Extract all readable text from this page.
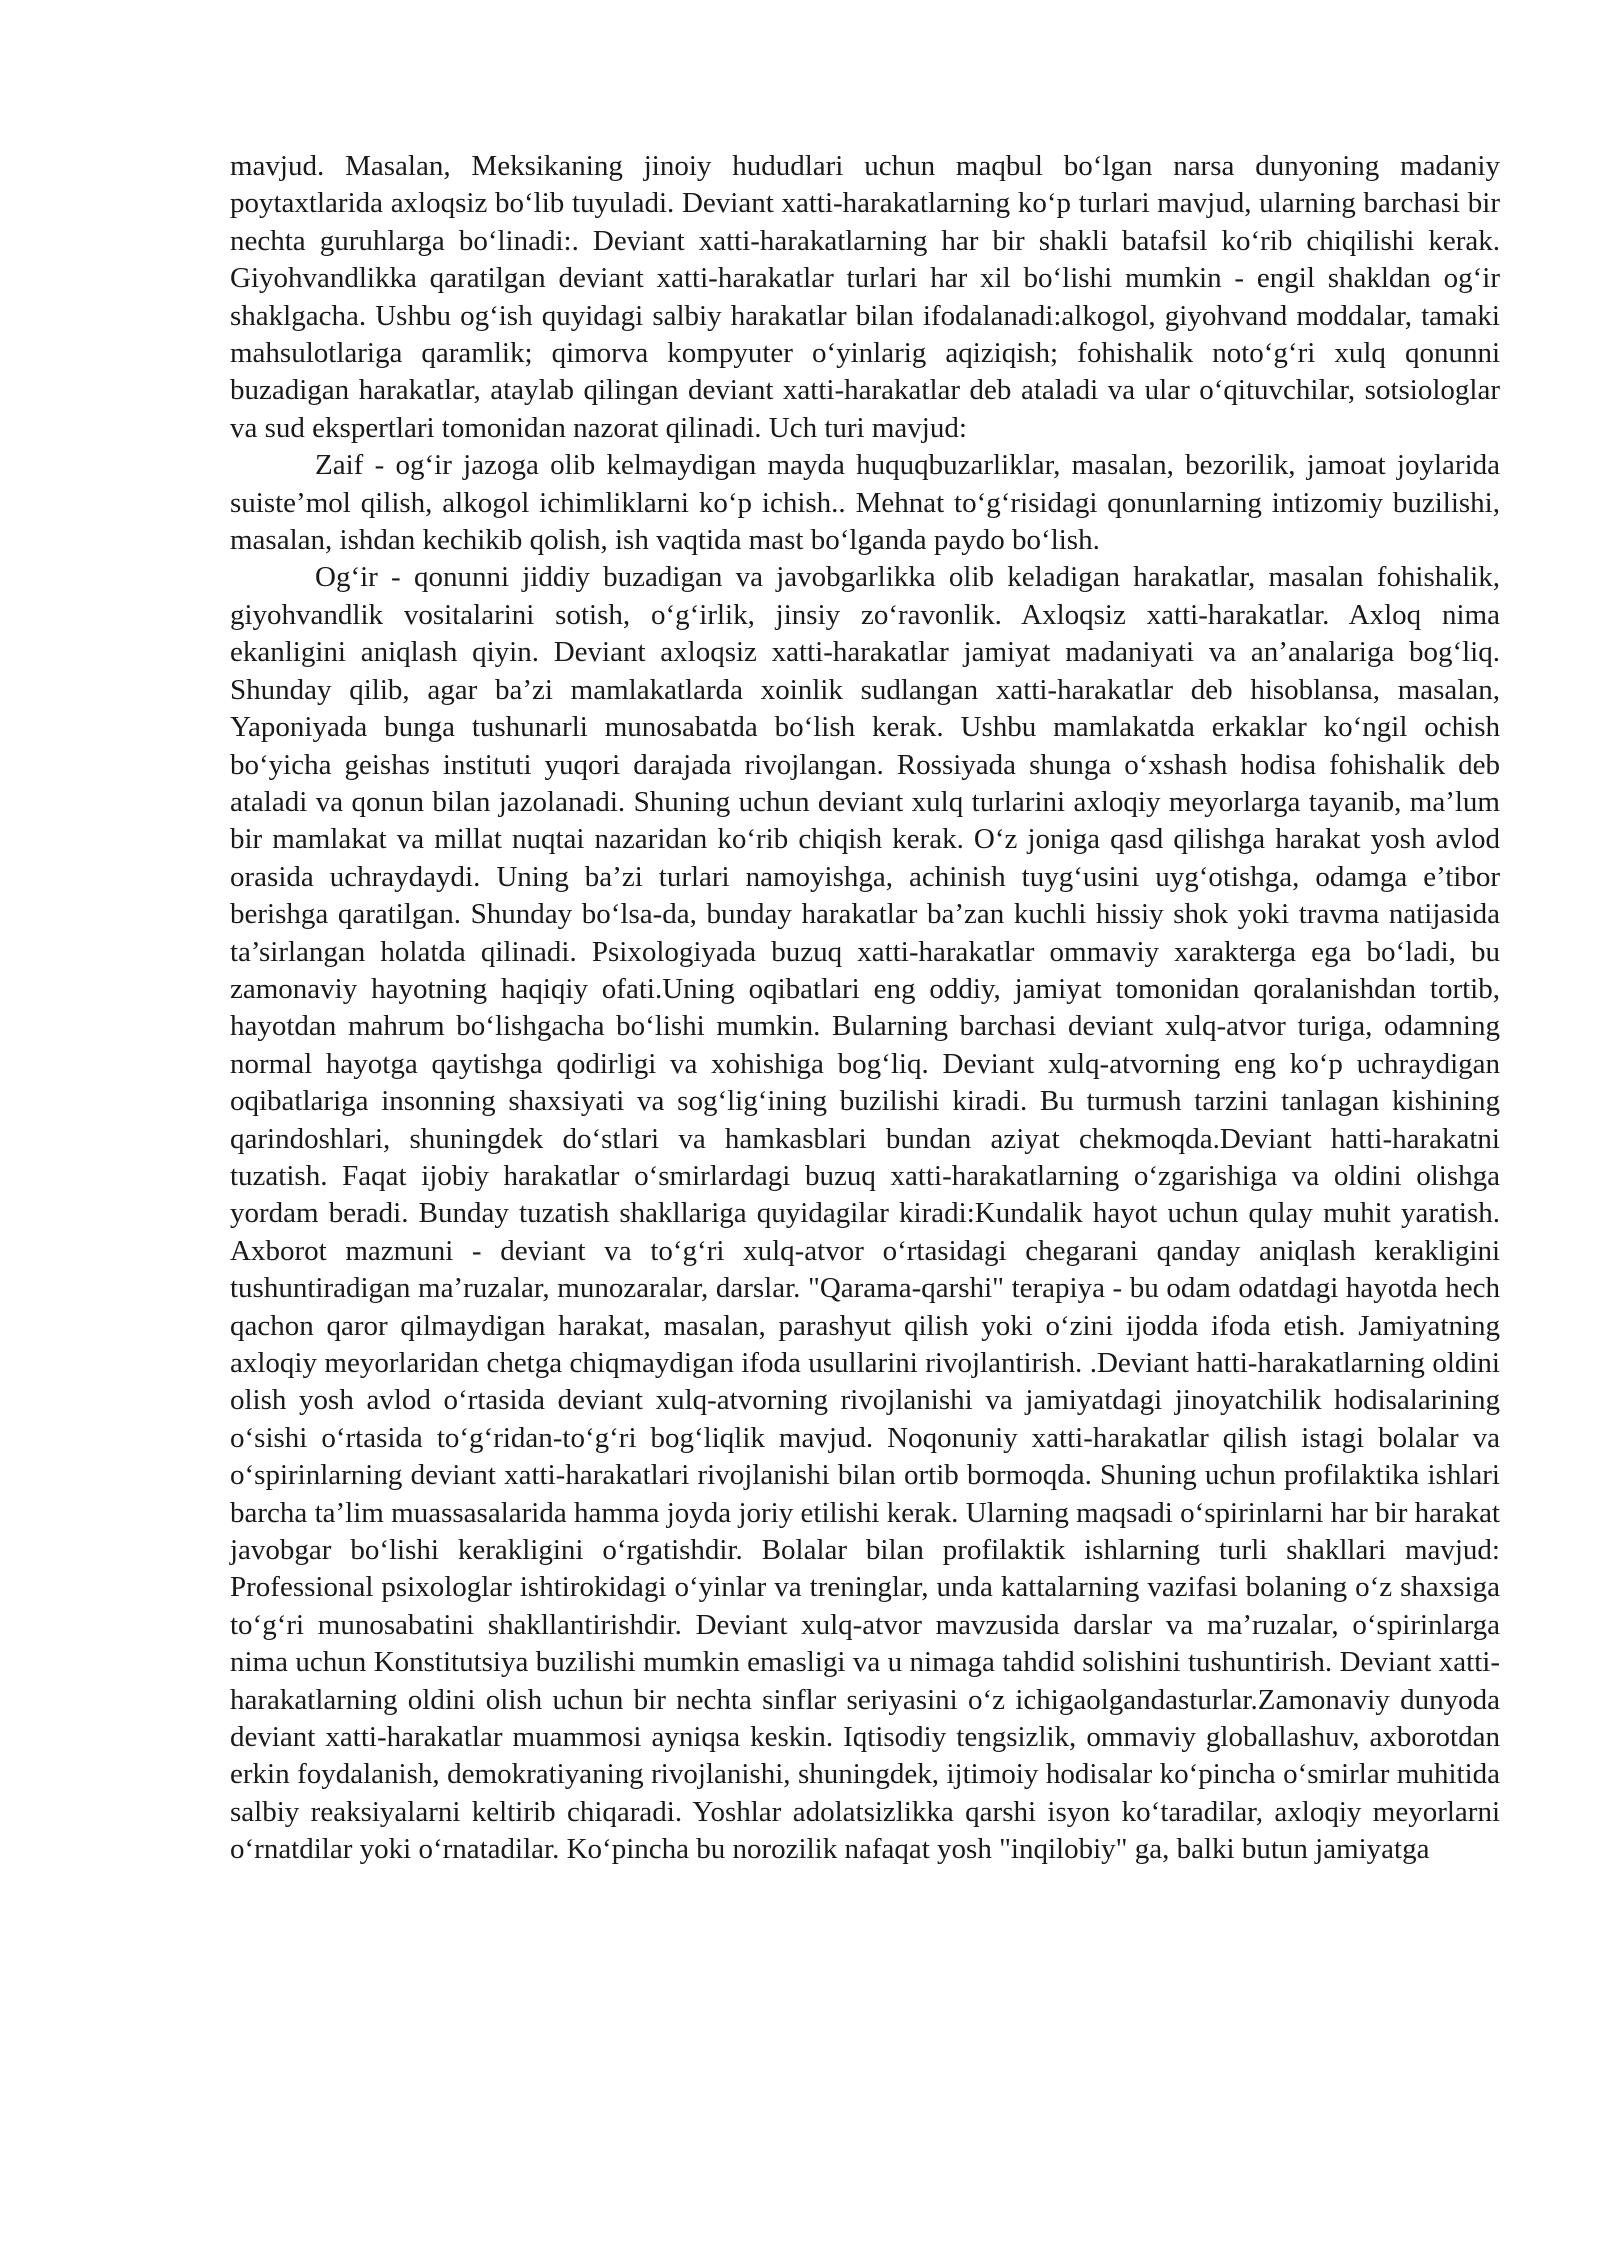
mavjud. Masalan, Meksikaning jinoiy hududlari uchun maqbul bo‘lgan narsa dunyoning madaniy poytaxtlarida axloqsiz bo‘lib tuyuladi. Deviant xatti-harakatlarning ko‘p turlari mavjud, ularning barchasi bir nechta guruhlarga bo‘linadi:. Deviant xatti-harakatlarning har bir shakli batafsil ko‘rib chiqilishi kerak. Giyohvandlikka qaratilgan deviant xatti-harakatlar turlari har xil bo‘lishi mumkin - engil shakldan og‘ir shaklgacha. Ushbu og‘ish quyidagi salbiy harakatlar bilan ifodalanadi:alkogol, giyohvand moddalar, tamaki mahsulotlariga qaramlik; qimorva kompyuter o‘yinlarig aqiziqish; fohishalik noto‘g‘ri xulq qonunni buzadigan harakatlar, ataylab qilingan deviant xatti-harakatlar deb ataladi va ular o‘qituvchilar, sotsiologlar va sud ekspertlari tomonidan nazorat qilinadi. Uch turi mavjud:

Zaif - og‘ir jazoga olib kelmaydigan mayda huquqbuzarliklar, masalan, bezorilik, jamoat joylarida suiste’mol qilish, alkogol ichimliklarni ko‘p ichish.. Mehnat to‘g‘risidagi qonunlarning intizomiy buzilishi, masalan, ishdan kechikib qolish, ish vaqtida mast bo‘lganda paydo bo‘lish.

Og‘ir - qonunni jiddiy buzadigan va javobgarlikka olib keladigan harakatlar, masalan fohishalik, giyohvandlik vositalarini sotish, o‘g‘irlik, jinsiy zo‘ravonlik. Axloqsiz xatti-harakatlar. Axloq nima ekanligini aniqlash qiyin. Deviant axloqsiz xatti-harakatlar jamiyat madaniyati va an’analariga bog‘liq. Shunday qilib, agar ba’zi mamlakatlarda xoinlik sudlangan xatti-harakatlar deb hisoblansa, masalan, Yaponiyada bunga tushunarli munosabatda bo‘lish kerak. Ushbu mamlakatda erkaklar ko‘ngil ochish bo‘yicha geishas instituti yuqori darajada rivojlangan. Rossiyada shunga o‘xshash hodisa fohishalik deb ataladi va qonun bilan jazolanadi. Shuning uchun deviant xulq turlarini axloqiy meyorlarga tayanib, ma’lum bir mamlakat va millat nuqtai nazaridan ko‘rib chiqish kerak. O‘z joniga qasd qilishga harakat yosh avlod orasida uchraydaydi. Uning ba’zi turlari namoyishga, achinish tuyg‘usini uyg‘otishga, odamga e’tibor berishga qaratilgan. Shunday bo‘lsa-da, bunday harakatlar ba’zan kuchli hissiy shok yoki travma natijasida ta’sirlangan holatda qilinadi. Psixologiyada buzuq xatti-harakatlar ommaviy xarakterga ega bo‘ladi, bu zamonaviy hayotning haqiqiy ofati.Uning oqibatlari eng oddiy, jamiyat tomonidan qoralanishdan tortib, hayotdan mahrum bo‘lishgacha bo‘lishi mumkin. Bularning barchasi deviant xulq-atvor turiga, odamning normal hayotga qaytishga qodirligi va xohishiga bog‘liq. Deviant xulq-atvorning eng ko‘p uchraydigan oqibatlariga insonning shaxsiyati va sog‘lig‘ining buzilishi kiradi. Bu turmush tarzini tanlagan kishining qarindoshlari, shuningdek do‘stlari va hamkasblari bundan aziyat chekmoqda.Deviant hatti-harakatni tuzatish. Faqat ijobiy harakatlar o‘smirlardagi buzuq xatti-harakatlarning o‘zgarishiga va oldini olishga yordam beradi. Bunday tuzatish shakllariga quyidagilar kiradi:Kundalik hayot uchun qulay muhit yaratish. Axborot mazmuni - deviant va to‘g‘ri xulq-atvor o‘rtasidagi chegarani qanday aniqlash kerakligini tushuntiradigan ma’ruzalar, munozaralar, darslar. "Qarama-qarshi" terapiya - bu odam odatdagi hayotda hech qachon qaror qilmaydigan harakat, masalan, parashyut qilish yoki o‘zini ijodda ifoda etish. Jamiyatning axloqiy meyorlaridan chetga chiqmaydigan ifoda usullarini rivojlantirish. .Deviant hatti-harakatlarning oldini olish yosh avlod o‘rtasida deviant xulq-atvorning rivojlanishi va jamiyatdagi jinoyatchilik hodisalarining o‘sishi o‘rtasida to‘g‘ridan-to‘g‘ri bog‘liqlik mavjud. Noqonuniy xatti-harakatlar qilish istagi bolalar va o‘spirinlarning deviant xatti-harakatlari rivojlanishi bilan ortib bormoqda. Shuning uchun profilaktika ishlari barcha ta’lim muassasalarida hamma joyda joriy etilishi kerak. Ularning maqsadi o‘spirinlarni har bir harakat javobgar bo‘lishi kerakligini o‘rgatishdir. Bolalar bilan profilaktik ishlarning turli shakllari mavjud: Professional psixologlar ishtirokidagi o‘yinlar va treninglar, unda kattalarning vazifasi bolaning o‘z shaxsiga to‘g‘ri munosabatini shakllantirishdir. Deviant xulq-atvor mavzusida darslar va ma’ruzalar, o‘spirinlarga nima uchun Konstitutsiya buzilishi mumkin emasligi va u nimaga tahdid solishini tushuntirish. Deviant xatti-harakatlarning oldini olish uchun bir nechta sinflar seriyasini o‘z ichigaolgandasturlar.Zamonaviy dunyoda deviant xatti-harakatlar muammosi ayniqsa keskin. Iqtisodiy tengsizlik, ommaviy globallashuv, axborotdan erkin foydalanish, demokratiyaning rivojlanishi, shuningdek, ijtimoiy hodisalar ko‘pincha o‘smirlar muhitida salbiy reaksiyalarni keltirib chiqaradi. Yoshlar adolatsizlikka qarshi isyon ko‘taradilar, axloqiy meyorlarni o‘rnatdilar yoki o‘rnatadilar. Ko‘pincha bu norozilik nafaqat yosh "inqilobiy" ga, balki butun jamiyatga
